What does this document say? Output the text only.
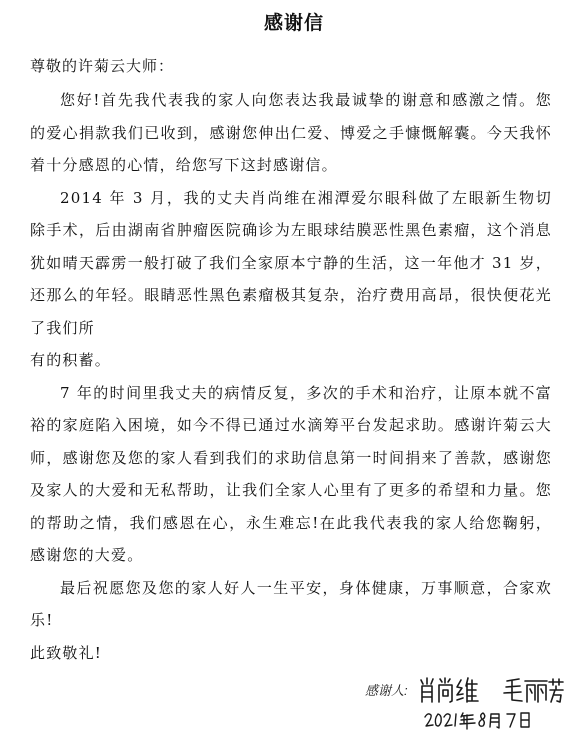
感谢信
尊敬的许菊云大师：

您好!首先我代表我的家人向您表达我最诚挚的谢意和感激之情。您的爱心捐款我们已收到，感谢您伸出仁爱、博爱之手慷慨解囊。今天我怀着十分感恩的心情，给您写下这封感谢信。

2014 年 3 月，我的丈夫肖尚维在湘潭爱尔眼科做了左眼新生物切除手术，后由湖南省肿瘤医院确诊为左眼球结膜恶性黑色素瘤，这个消息犹如晴天霹雳一般打破了我们全家原本宁静的生活，这一年他才 31 岁，还那么的年轻。眼睛恶性黑色素瘤极其复杂，治疗费用高昂，很快便花光了我们所

有的积蓄。

7 年的时间里我丈夫的病情反复，多次的手术和治疗，让原本就不富裕的家庭陷入困境，如今不得已通过水滴筹平台发起求助。感谢许菊云大师，感谢您及您的家人看到我们的求助信息第一时间捐来了善款，感谢您及家人的大爱和无私帮助，让我们全家人心里有了更多的希望和力量。您的帮助之情，我们感恩在心，永生难忘!在此我代表我的家人给您鞠躬，感谢您的大爱。

最后祝愿您及您的家人好人一生平安，身体健康，万事顺意，合家欢乐!

此致敬礼!

感谢人:
